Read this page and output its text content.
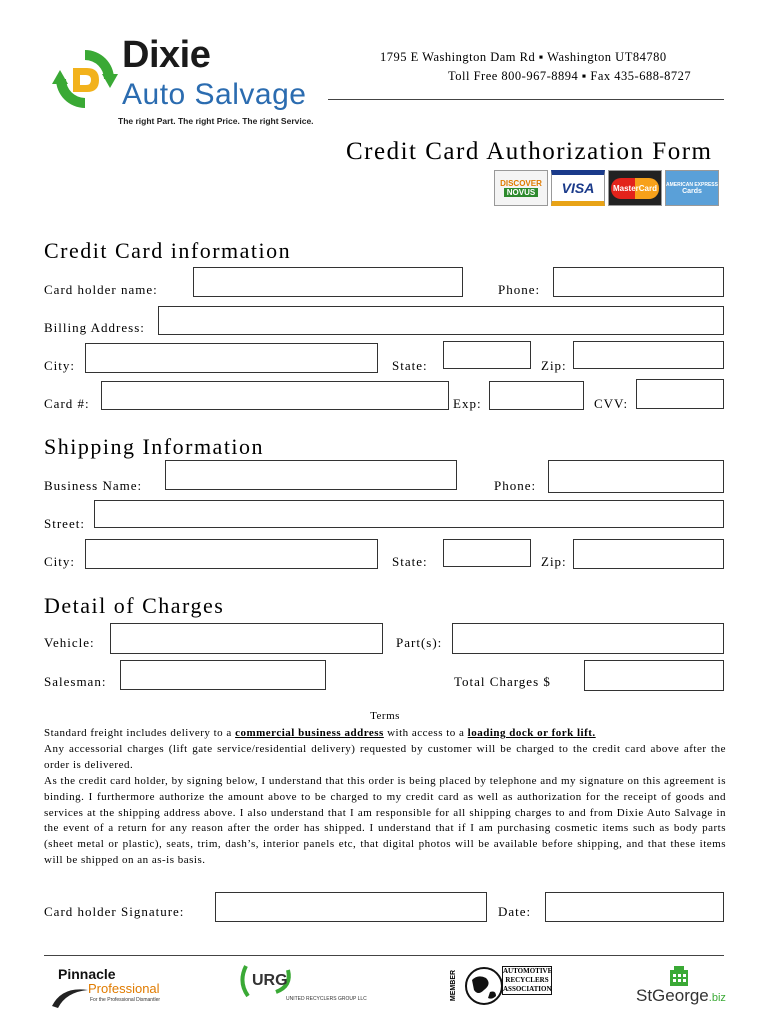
Dixie
Auto Salvage
The right Part. The right Price. The right Service.
1795 E Washington Dam Rd ▪ Washington UT84780
Toll Free 800-967-8894 ▪ Fax 435-688-8727
Credit Card Authorization Form
DISCOVER
NOVUS VISA MasterCard	AMERICAN EXPRESS
Cards
Credit Card information
Card holder name:	Phone:
Billing Address:
City:	State:	Zip:
Card #:	Exp:	CVV:
Shipping Information
Business Name:	Phone:
Street:
City:	State:	Zip:
Detail of Charges
Vehicle:	Part(s):
Salesman:	Total Charges $
Terms
Standard freight includes delivery to a commercial business address with access to a loading dock or fork lift.
Any accessorial charges (lift gate service/residential delivery) requested by customer will be charged to the credit card above after the order is delivered.
As the credit card holder, by signing below, I understand that this order is being placed by telephone and my signature on this agreement is binding. I furthermore authorize the amount above to be charged to my credit card as well as authorization for the receipt of goods and services at the shipping address above. I also understand that I am responsible for all shipping charges to and from Dixie Auto Salvage in the event of a return for any reason after the order has shipped. I understand that if I am purchasing cosmetic items such as body parts (sheet metal or plastic), seats, trim, dash’s, interior panels etc, that digital photos will be available before shipping, and that these items will be shipped on an as-is basis.
Card holder Signature:	Date:
Pinnacle
Professional
For the Professional Dismantler
URG
UNITED RECYCLERS GROUP LLC	MEMBER	AUTOMOTIVE
RECYCLERS
ASSOCIATION	StGeorge.biz
